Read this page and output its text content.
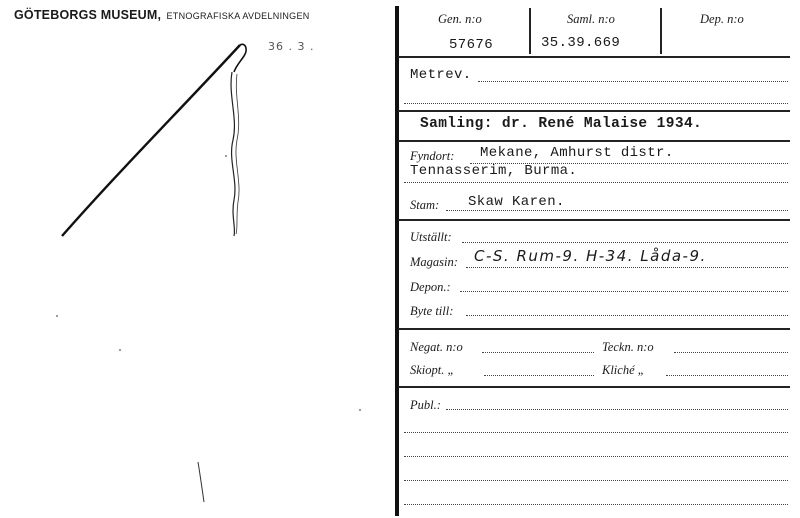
GÖTEBORGS MUSEUM, ETNOGRAFISKA AVDELNINGEN
36 . 3 .
Gen. n:o
57676
Saml. n:o
35.39.669
Dep. n:o
Metrev.
Samling: dr. René Malaise 1934.
Fyndort: Mekane, Amhurst distr.
Tennasserim, Burma.
Stam: Skaw Karen.
Utställt:
Magasin: C-S. Rum-9. H-34. Låda-9.
Depon.:
Byte till:
Negat. n:o	Teckn. n:o
Skiopt. „	Kliché „
Publ.:
